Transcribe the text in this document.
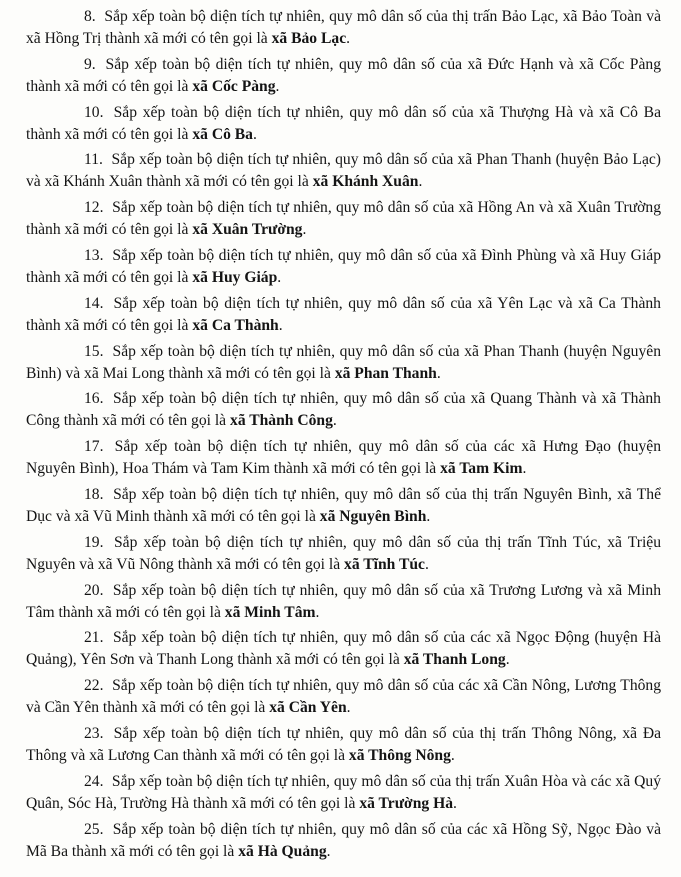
8. Sắp xếp toàn bộ diện tích tự nhiên, quy mô dân số của thị trấn Bảo Lạc, xã Bảo Toàn và xã Hồng Trị thành xã mới có tên gọi là xã Bảo Lạc.

9. Sắp xếp toàn bộ diện tích tự nhiên, quy mô dân số của xã Đức Hạnh và xã Cốc Pàng thành xã mới có tên gọi là xã Cốc Pàng.

10. Sắp xếp toàn bộ diện tích tự nhiên, quy mô dân số của xã Thượng Hà và xã Cô Ba thành xã mới có tên gọi là xã Cô Ba.

11. Sắp xếp toàn bộ diện tích tự nhiên, quy mô dân số của xã Phan Thanh (huyện Bảo Lạc) và xã Khánh Xuân thành xã mới có tên gọi là xã Khánh Xuân.

12. Sắp xếp toàn bộ diện tích tự nhiên, quy mô dân số của xã Hồng An và xã Xuân Trường thành xã mới có tên gọi là xã Xuân Trường.

13. Sắp xếp toàn bộ diện tích tự nhiên, quy mô dân số của xã Đình Phùng và xã Huy Giáp thành xã mới có tên gọi là xã Huy Giáp.

14. Sắp xếp toàn bộ diện tích tự nhiên, quy mô dân số của xã Yên Lạc và xã Ca Thành thành xã mới có tên gọi là xã Ca Thành.

15. Sắp xếp toàn bộ diện tích tự nhiên, quy mô dân số của xã Phan Thanh (huyện Nguyên Bình) và xã Mai Long thành xã mới có tên gọi là xã Phan Thanh.

16. Sắp xếp toàn bộ diện tích tự nhiên, quy mô dân số của xã Quang Thành và xã Thành Công thành xã mới có tên gọi là xã Thành Công.

17. Sắp xếp toàn bộ diện tích tự nhiên, quy mô dân số của các xã Hưng Đạo (huyện Nguyên Bình), Hoa Thám và Tam Kim thành xã mới có tên gọi là xã Tam Kim.

18. Sắp xếp toàn bộ diện tích tự nhiên, quy mô dân số của thị trấn Nguyên Bình, xã Thể Dục và xã Vũ Minh thành xã mới có tên gọi là xã Nguyên Bình.

19. Sắp xếp toàn bộ diện tích tự nhiên, quy mô dân số của thị trấn Tĩnh Túc, xã Triệu Nguyên và xã Vũ Nông thành xã mới có tên gọi là xã Tĩnh Túc.

20. Sắp xếp toàn bộ diện tích tự nhiên, quy mô dân số của xã Trương Lương và xã Minh Tâm thành xã mới có tên gọi là xã Minh Tâm.

21. Sắp xếp toàn bộ diện tích tự nhiên, quy mô dân số của các xã Ngọc Động (huyện Hà Quảng), Yên Sơn và Thanh Long thành xã mới có tên gọi là xã Thanh Long.

22. Sắp xếp toàn bộ diện tích tự nhiên, quy mô dân số của các xã Cần Nông, Lương Thông và Cần Yên thành xã mới có tên gọi là xã Cần Yên.

23. Sắp xếp toàn bộ diện tích tự nhiên, quy mô dân số của thị trấn Thông Nông, xã Đa Thông và xã Lương Can thành xã mới có tên gọi là xã Thông Nông.

24. Sắp xếp toàn bộ diện tích tự nhiên, quy mô dân số của thị trấn Xuân Hòa và các xã Quý Quân, Sóc Hà, Trường Hà thành xã mới có tên gọi là xã Trường Hà.

25. Sắp xếp toàn bộ diện tích tự nhiên, quy mô dân số của các xã Hồng Sỹ, Ngọc Đào và Mã Ba thành xã mới có tên gọi là xã Hà Quảng.
